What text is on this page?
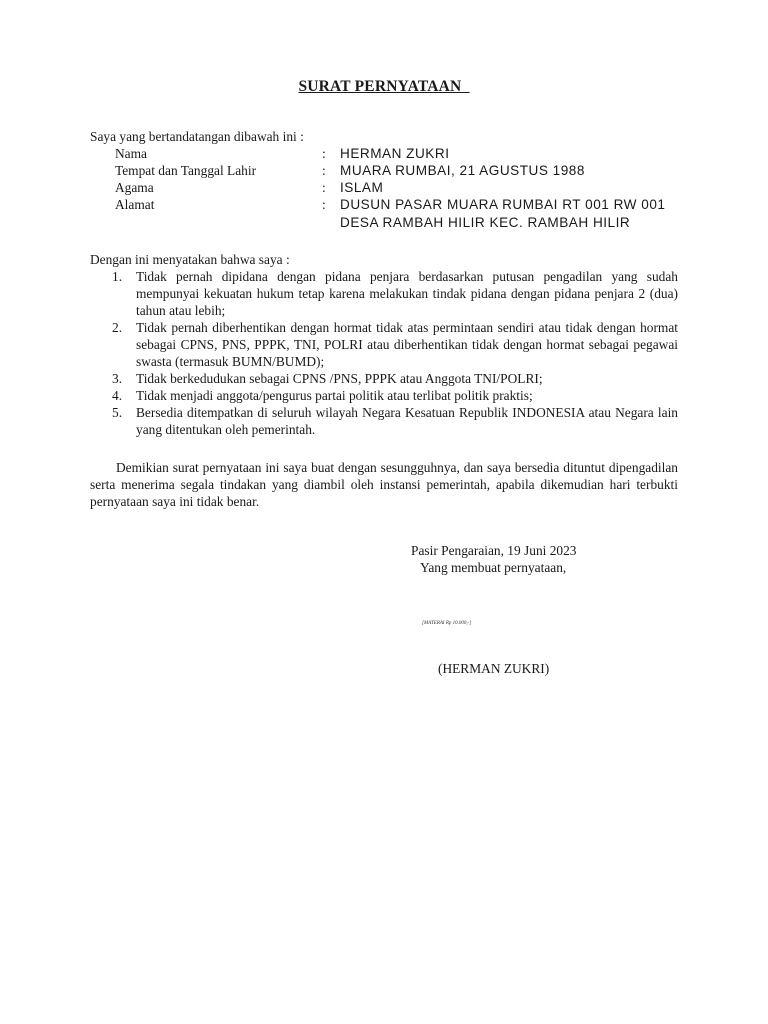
SURAT PERNYATAAN
Saya yang bertandatangan dibawah ini :
Nama	: HERMAN ZUKRI
Tempat dan Tanggal Lahir	: MUARA RUMBAI, 21 AGUSTUS 1988
Agama	: ISLAM
Alamat	: DUSUN PASAR MUARA RUMBAI RT 001 RW 001 DESA RAMBAH HILIR KEC. RAMBAH HILIR
Dengan ini menyatakan bahwa saya :
1. Tidak pernah dipidana dengan pidana penjara berdasarkan putusan pengadilan yang sudah mempunyai kekuatan hukum tetap karena melakukan tindak pidana dengan pidana penjara 2 (dua) tahun atau lebih;
2. Tidak pernah diberhentikan dengan hormat tidak atas permintaan sendiri atau tidak dengan hormat sebagai CPNS, PNS, PPPK, TNI, POLRI atau diberhentikan tidak dengan hormat sebagai pegawai swasta (termasuk BUMN/BUMD);
3. Tidak berkedudukan sebagai CPNS /PNS, PPPK atau Anggota TNI/POLRI;
4. Tidak menjadi anggota/pengurus partai politik atau terlibat politik praktis;
5. Bersedia ditempatkan di seluruh wilayah Negara Kesatuan Republik INDONESIA atau Negara lain yang ditentukan oleh pemerintah.
Demikian surat pernyataan ini saya buat dengan sesungguhnya, dan saya bersedia dituntut dipengadilan serta menerima segala tindakan yang diambil oleh instansi pemerintah, apabila dikemudian hari terbukti pernyataan saya ini tidak benar.
Pasir Pengaraian, 19 Juni 2023
Yang membuat pernyataan,
[MATERAI Rp 10.000,-]
(HERMAN ZUKRI)
